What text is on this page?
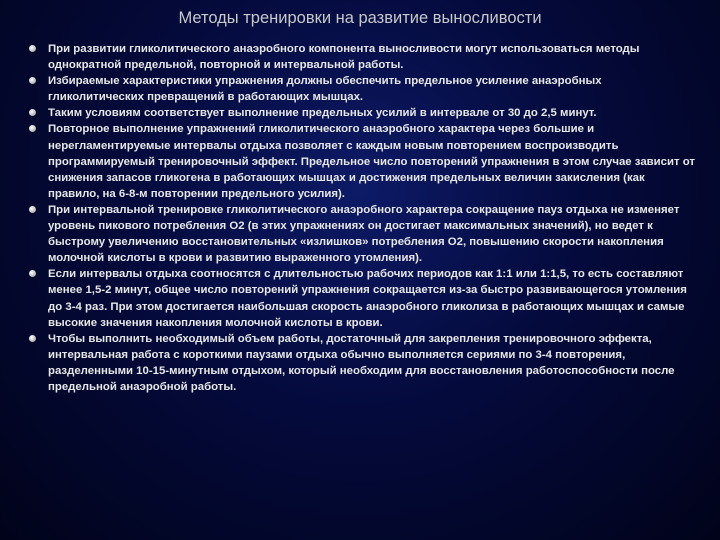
Методы тренировки на развитие выносливости
При развитии гликолитического анаэробного компонента выносливости могут использоваться методы однократной предельной, повторной и интервальной работы.
Избираемые характеристики упражнения должны обеспечить предельное усиление анаэробных гликолитических превращений в работающих мышцах.
Таким условиям соответствует выполнение предельных усилий в интервале от 30 до 2,5 минут.
Повторное выполнение упражнений гликолитического анаэробного характера через большие и нерегламентируемые интервалы отдыха позволяет с каждым новым повторением воспроизводить программируемый тренировочный эффект. Предельное число повторений упражнения в этом случае зависит от снижения запасов гликогена в работающих мышцах и достижения предельных величин закисления (как правило, на 6-8-м повторении предельного усилия).
При интервальной тренировке гликолитического анаэробного характера сокращение пауз отдыха не изменяет уровень пикового потребления О2 (в этих упражнениях он достигает максимальных значений), но ведет к быстрому увеличению восстановительных «излишков» потребления О2, повышению скорости накопления молочной кислоты в крови и развитию выраженного утомления).
Если интервалы отдыха соотносятся с длительностью рабочих периодов как 1:1 или 1:1,5, то есть составляют менее 1,5-2 минут, общее число повторений упражнения сокращается из-за быстро развивающегося утомления до 3-4 раз. При этом достигается наибольшая скорость анаэробного гликолиза в работающих мышцах и самые высокие значения накопления молочной кислоты в крови.
Чтобы выполнить необходимый объем работы, достаточный для закрепления тренировочного эффекта, интервальная работа с короткими паузами отдыха обычно выполняется сериями по 3-4 повторения, разделенными 10-15-минутным отдыхом, который необходим для восстановления работоспособности после предельной анаэробной работы.
